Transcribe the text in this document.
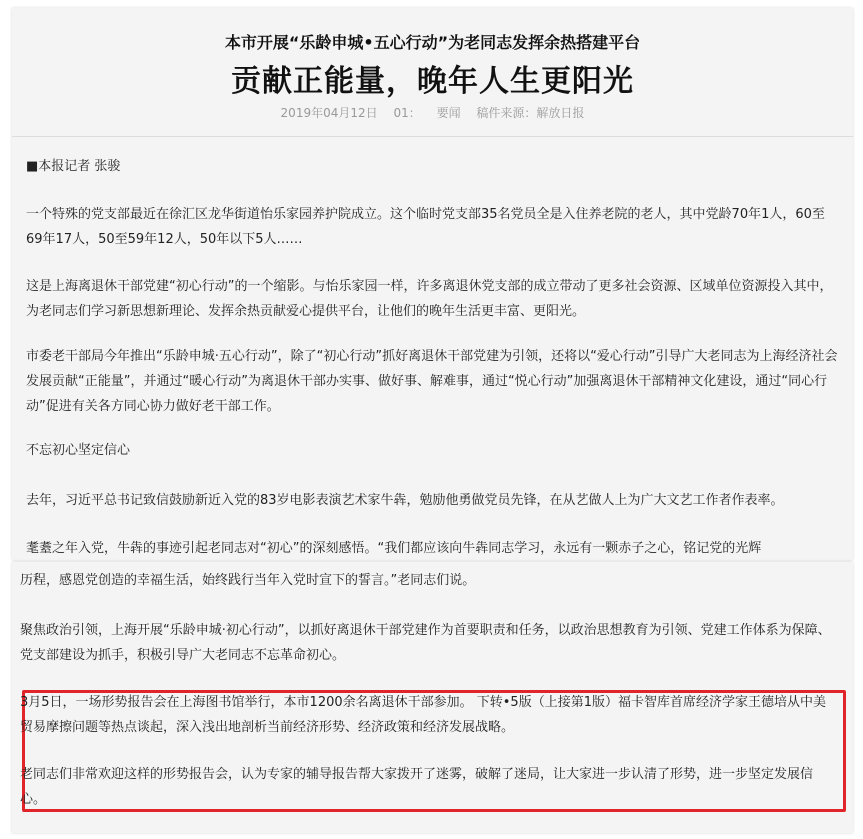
本市开展“乐龄申城•五心行动”为老同志发挥余热搭建平台
贡献正能量，晚年人生更阳光
2019年04月12日 01： 要闻 稿件来源：解放日报

■本报记者 张骏

一个特殊的党支部最近在徐汇区龙华街道怡乐家园养护院成立。这个临时党支部35名党员全是入住养老院的老人，其中党龄70年1人，60至69年17人，50至59年12人，50年以下5人……

这是上海离退休干部党建“初心行动”的一个缩影。与怡乐家园一样，许多离退休党支部的成立带动了更多社会资源、区域单位资源投入其中，为老同志们学习新思想新理论、发挥余热贡献爱心提供平台，让他们的晚年生活更丰富、更阳光。

市委老干部局今年推出“乐龄申城·五心行动”，除了“初心行动”抓好离退休干部党建为引领，还将以“爱心行动”引导广大老同志为上海经济社会发展贡献“正能量”，并通过“暖心行动”为离退休干部办实事、做好事、解难事，通过“悦心行动”加强离退休干部精神文化建设，通过“同心行动”促进有关各方同心协力做好老干部工作。

不忘初心坚定信心

去年，习近平总书记致信鼓励新近入党的83岁电影表演艺术家牛犇，勉励他勇做党员先锋，在从艺做人上为广大文艺工作者作表率。

耄耋之年入党，牛犇的事迹引起老同志对“初心”的深刻感悟。“我们都应该向牛犇同志学习，永远有一颗赤子之心，铭记党的光辉

历程，感恩党创造的幸福生活，始终践行当年入党时宣下的誓言。”老同志们说。

聚焦政治引领，上海开展“乐龄申城·初心行动”，以抓好离退休干部党建作为首要职责和任务，以政治思想教育为引领、党建工作体系为保障、党支部建设为抓手，积极引导广大老同志不忘革命初心。

3月5日，一场形势报告会在上海图书馆举行，本市1200余名离退休干部参加。 下转•5版（上接第1版）福卡智库首席经济学家王德培从中美贸易摩擦问题等热点谈起，深入浅出地剖析当前经济形势、经济政策和经济发展战略。

老同志们非常欢迎这样的形势报告会，认为专家的辅导报告帮大家拨开了迷雾，破解了迷局，让大家进一步认清了形势，进一步坚定发展信心。
